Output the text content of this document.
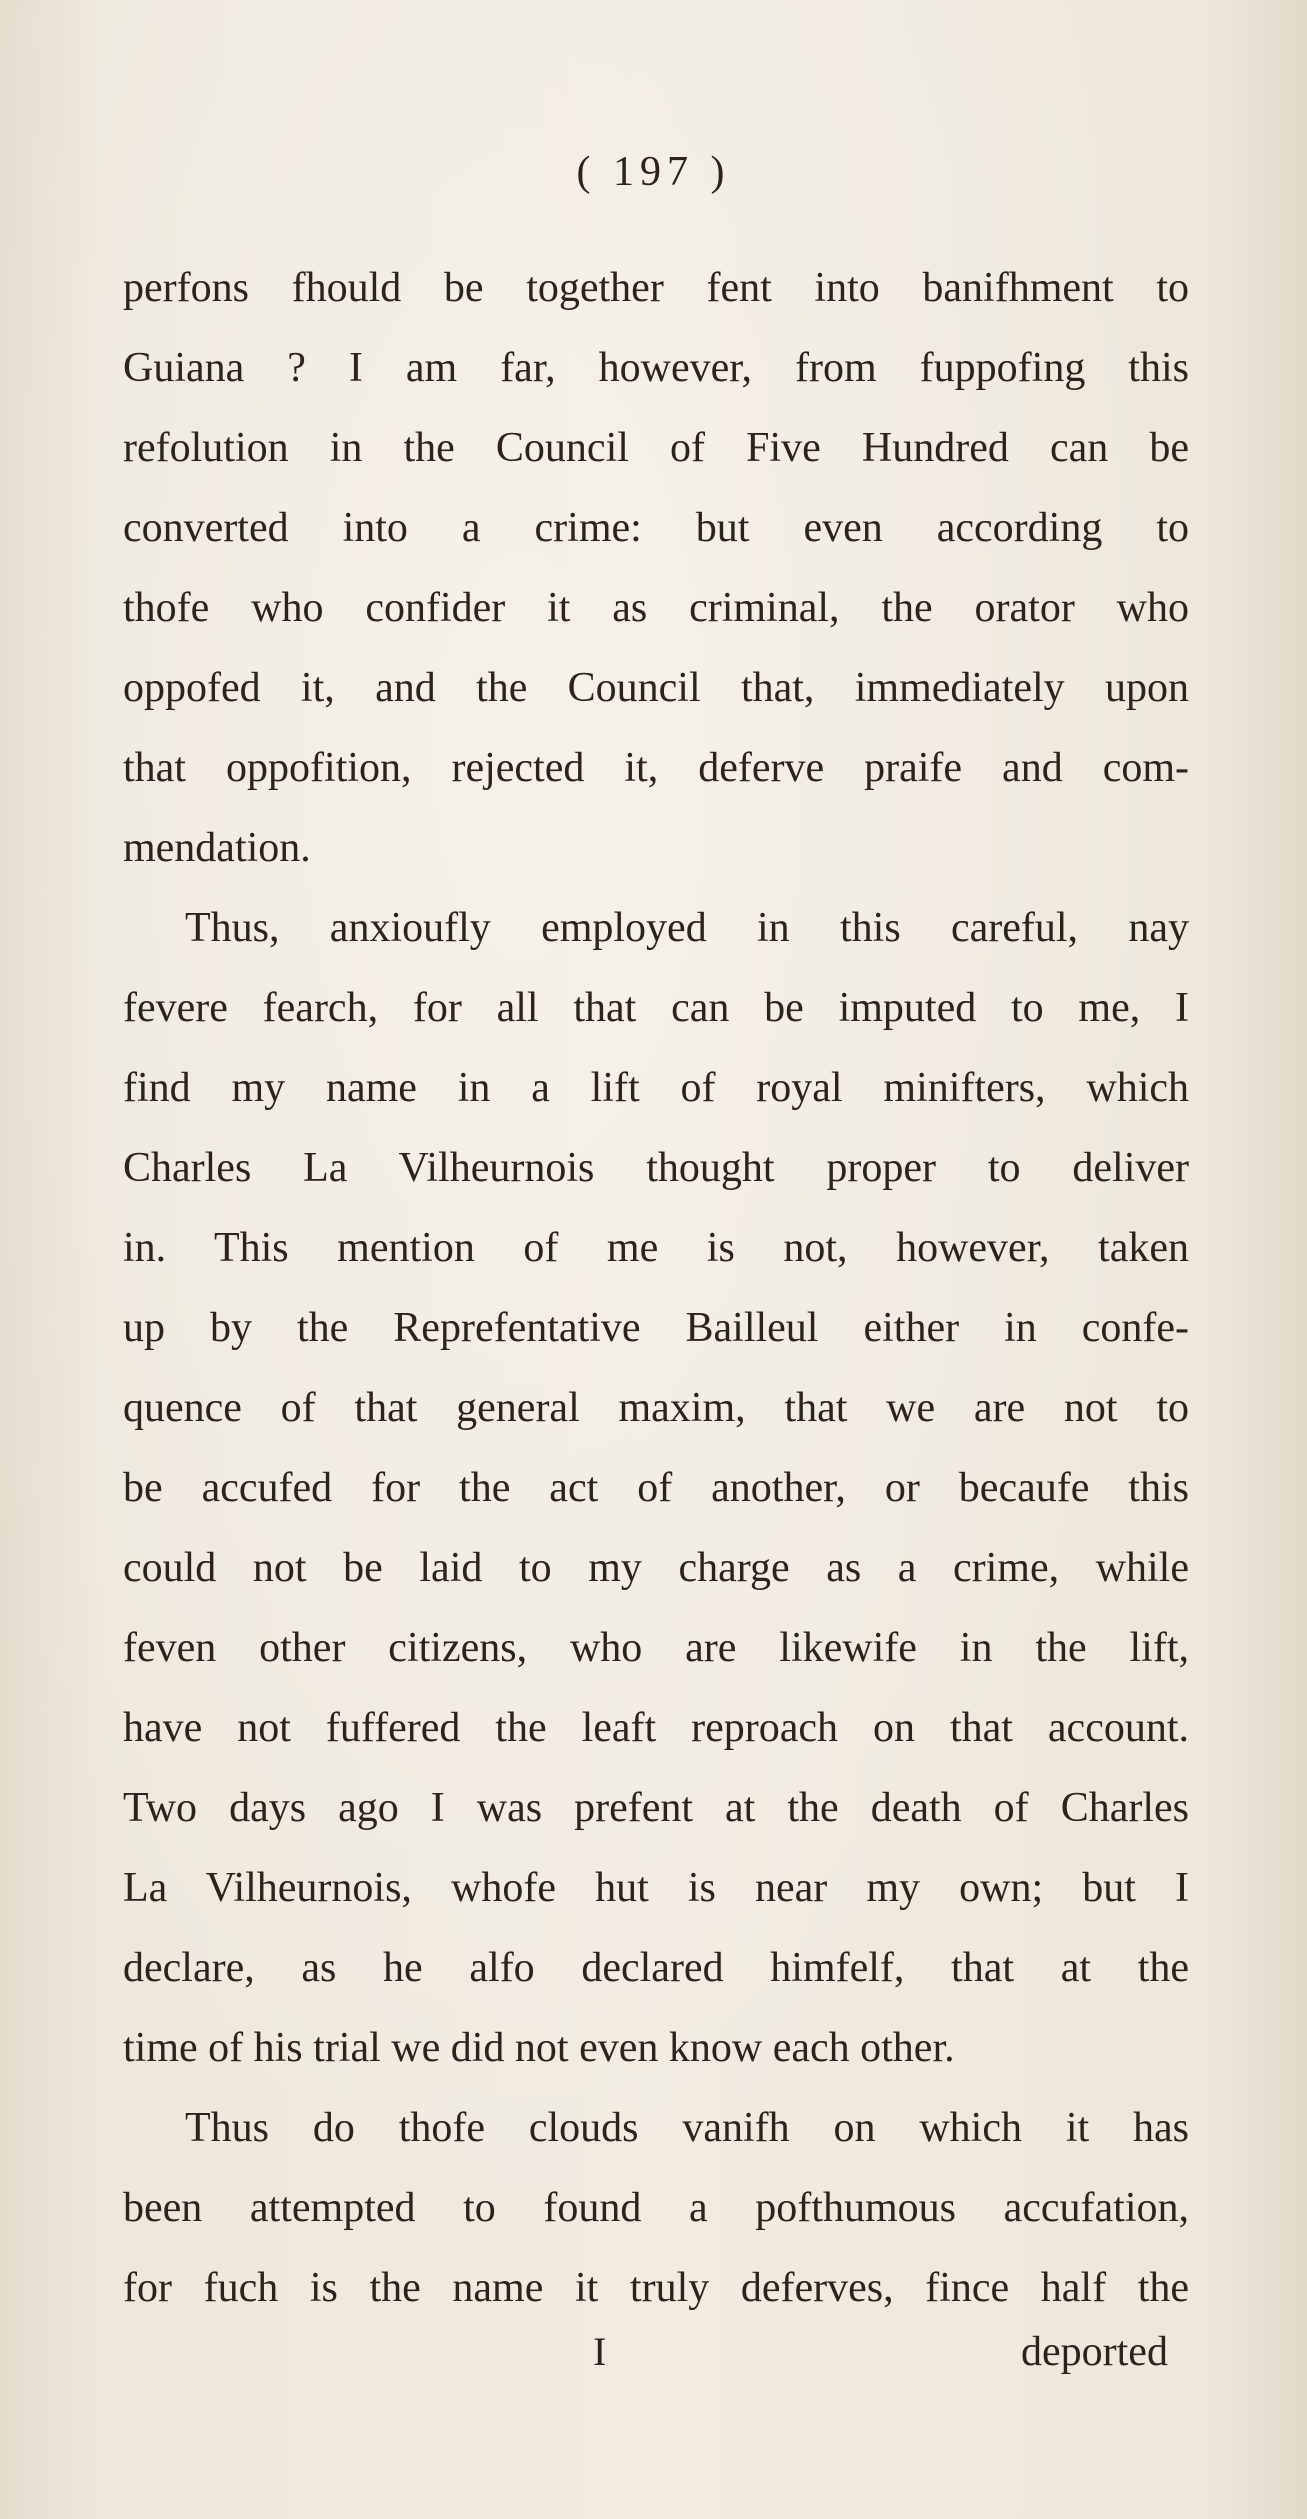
( 197 )
perfons fhould be together fent into banifhment to
Guiana ? I am far, however, from fuppofing this
refolution in the Council of Five Hundred can be
converted into a crime: but even according to
thofe who confider it as criminal, the orator who
oppofed it, and the Council that, immediately upon
that oppofition, rejected it, deferve praife and com-
mendation.
Thus, anxioufly employed in this careful, nay
fevere fearch, for all that can be imputed to me, I
find my name in a lift of royal minifters, which
Charles La Vilheurnois thought proper to deliver
in. This mention of me is not, however, taken
up by the Reprefentative Bailleul either in confe-
quence of that general maxim, that we are not to
be accufed for the act of another, or becaufe this
could not be laid to my charge as a crime, while
feven other citizens, who are likewife in the lift,
have not fuffered the leaft reproach on that account.
Two days ago I was prefent at the death of Charles
La Vilheurnois, whofe hut is near my own; but I
declare, as he alfo declared himfelf, that at the
time of his trial we did not even know each other.
Thus do thofe clouds vanifh on which it has
been attempted to found a pofthumous accufation,
for fuch is the name it truly deferves, fince half the
I	deported
